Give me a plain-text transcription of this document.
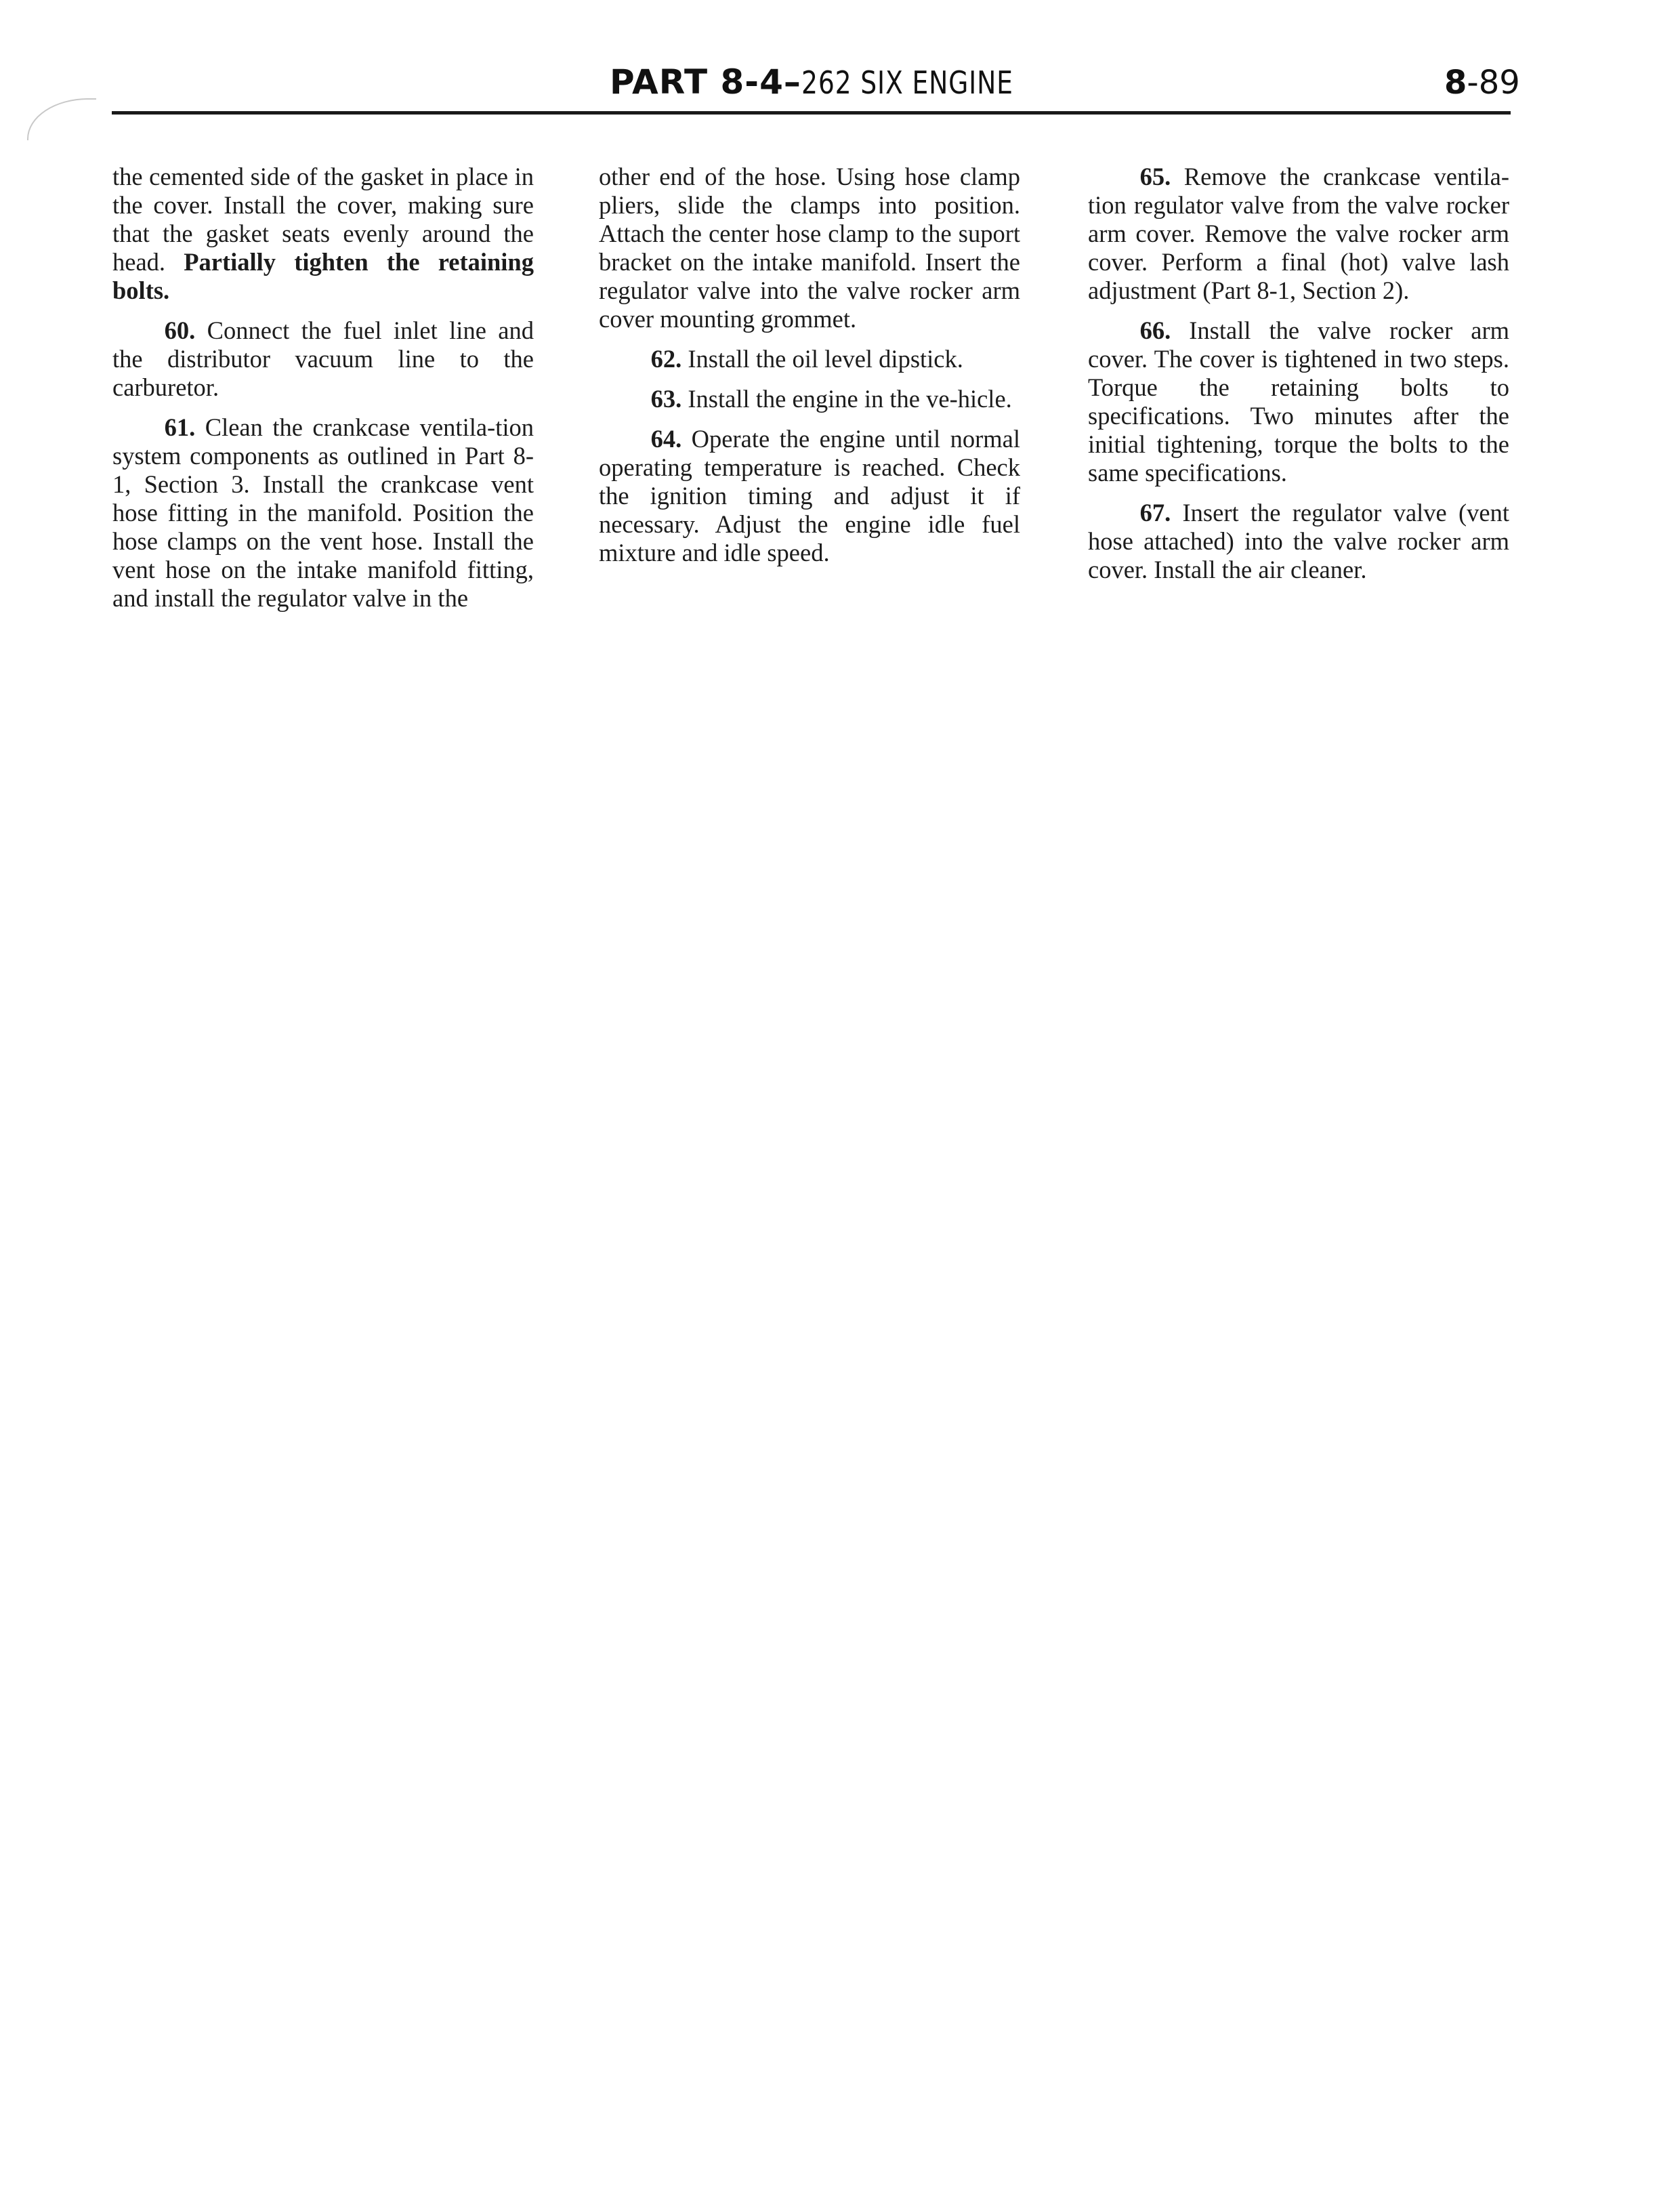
PART 8-4–262 SIX ENGINE	8-89

the cemented side of the gasket in place in the cover. Install the cover, making sure that the gasket seats evenly around the head. Partially tighten the retaining bolts.

60. Connect the fuel inlet line and the distributor vacuum line to the carburetor.

61. Clean the crankcase ventila-tion system components as outlined in Part 8-1, Section 3. Install the crankcase vent hose fitting in the manifold. Position the hose clamps on the vent hose. Install the vent hose on the intake manifold fitting, and install the regulator valve in the

other end of the hose. Using hose clamp pliers, slide the clamps into position. Attach the center hose clamp to the suport bracket on the intake manifold. Insert the regulator valve into the valve rocker arm cover mounting grommet.

62. Install the oil level dipstick.

63. Install the engine in the ve-hicle.

64. Operate the engine until normal operating temperature is reached. Check the ignition timing and adjust it if necessary. Adjust the engine idle fuel mixture and idle speed.

65. Remove the crankcase ventila-tion regulator valve from the valve rocker arm cover. Remove the valve rocker arm cover. Perform a final (hot) valve lash adjustment (Part 8-1, Section 2).

66. Install the valve rocker arm cover. The cover is tightened in two steps. Torque the retaining bolts to specifications. Two minutes after the initial tightening, torque the bolts to the same specifications.

67. Insert the regulator valve (vent hose attached) into the valve rocker arm cover. Install the air cleaner.
